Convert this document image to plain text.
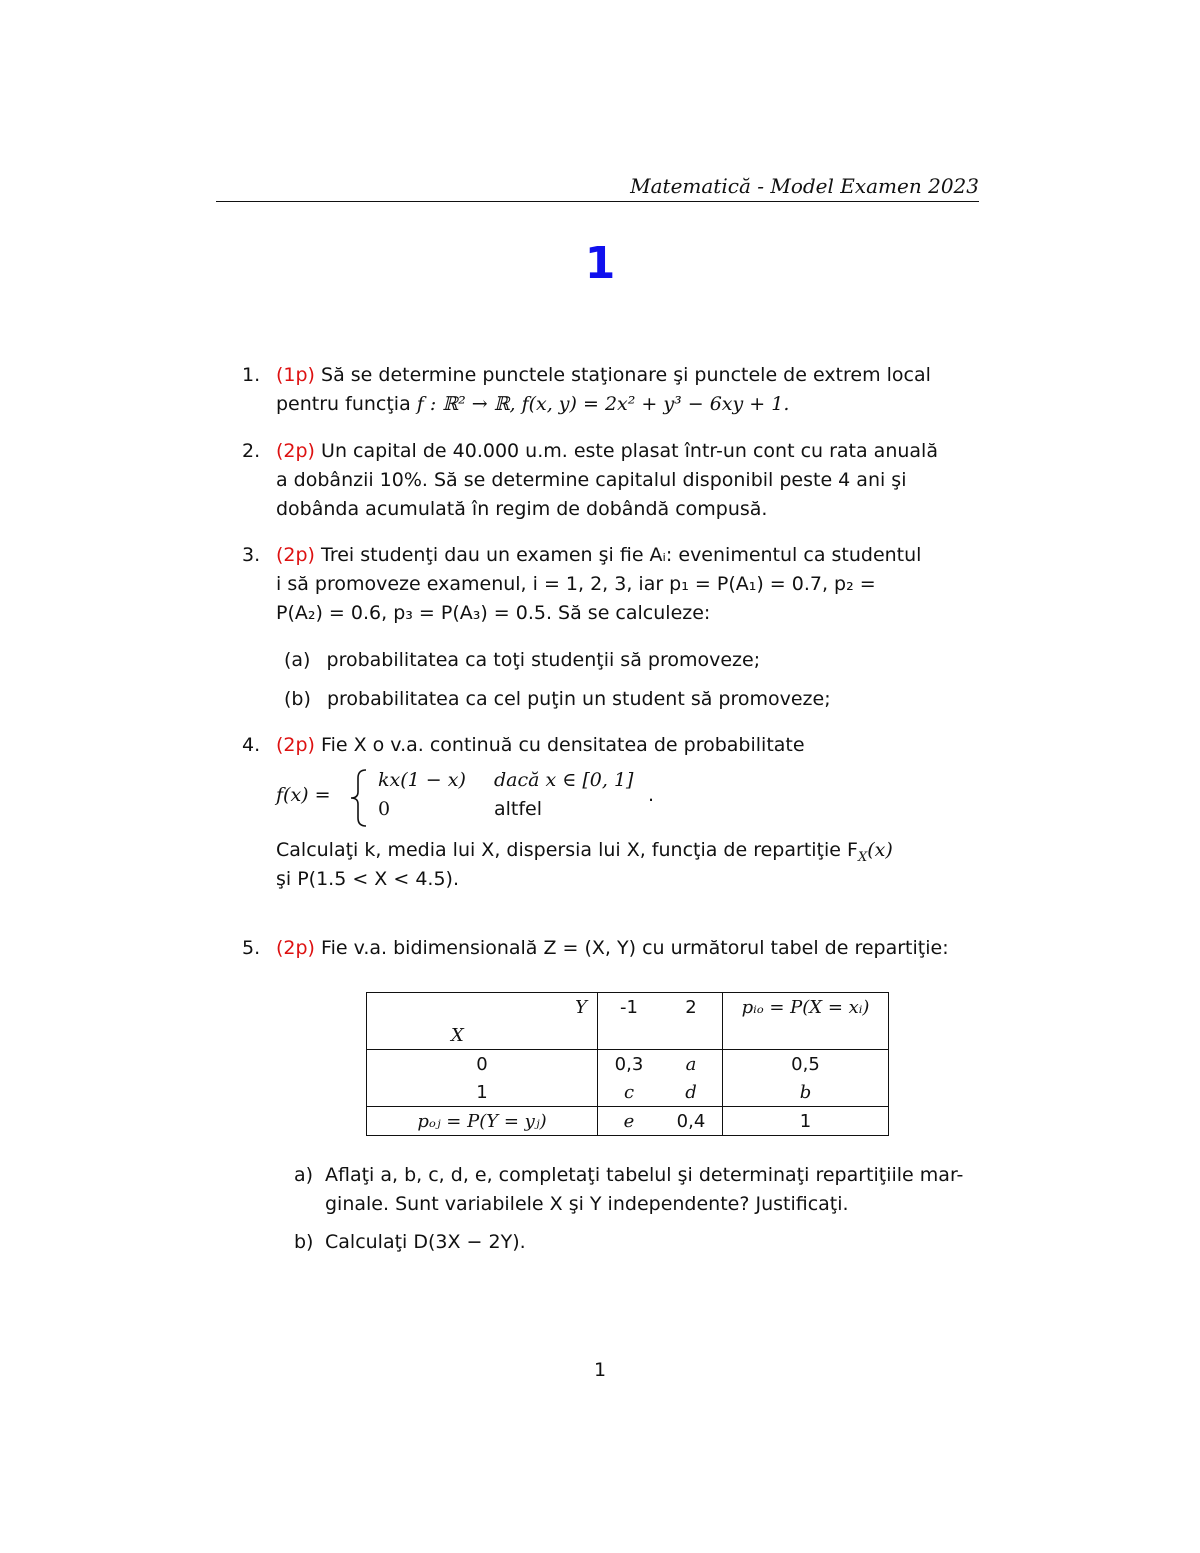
Matematică - Model Examen 2023
1
1. (1p) Să se determine punctele staţionare şi punctele de extrem local
pentru funcţia f : ℝ² → ℝ, f(x, y) = 2x² + y³ − 6xy + 1.
2. (2p) Un capital de 40.000 u.m. este plasat într-un cont cu rata anuală
a dobânzii 10%. Să se determine capitalul disponibil peste 4 ani şi
dobânda acumulată în regim de dobândă compusă.
3. (2p) Trei studenţi dau un examen şi fie Aᵢ: evenimentul ca studentul
i să promoveze examenul, i = 1, 2, 3, iar p₁ = P(A₁) = 0.7, p₂ =
P(A₂) = 0.6, p₃ = P(A₃) = 0.5. Să se calculeze:
(a) probabilitatea ca toţi studenţii să promoveze;
(b) probabilitatea ca cel puţin un student să promoveze;
4. (2p) Fie X o v.a. continuă cu densitatea de probabilitate
f(x) =
kx(1 − x) dacă x ∈ [0, 1]
0	altfel
.
Calculaţi k, media lui X, dispersia lui X, funcţia de repartiţie $F_X(x)$
şi P(1.5 < X < 4.5).
5. (2p) Fie v.a. bidimensională Z = (X, Y) cu următorul tabel de repartiţie:
Y	-1	2	pᵢₒ = P(X = xᵢ)
X			
0	0,3	a	0,5
1	c	d	b
pₒⱼ = P(Y = yⱼ)	e	0,4	1
a) Aflaţi a, b, c, d, e, completaţi tabelul şi determinaţi repartiţiile mar-
ginale. Sunt variabilele X şi Y independente? Justificaţi.
b) Calculaţi D(3X − 2Y).
1
